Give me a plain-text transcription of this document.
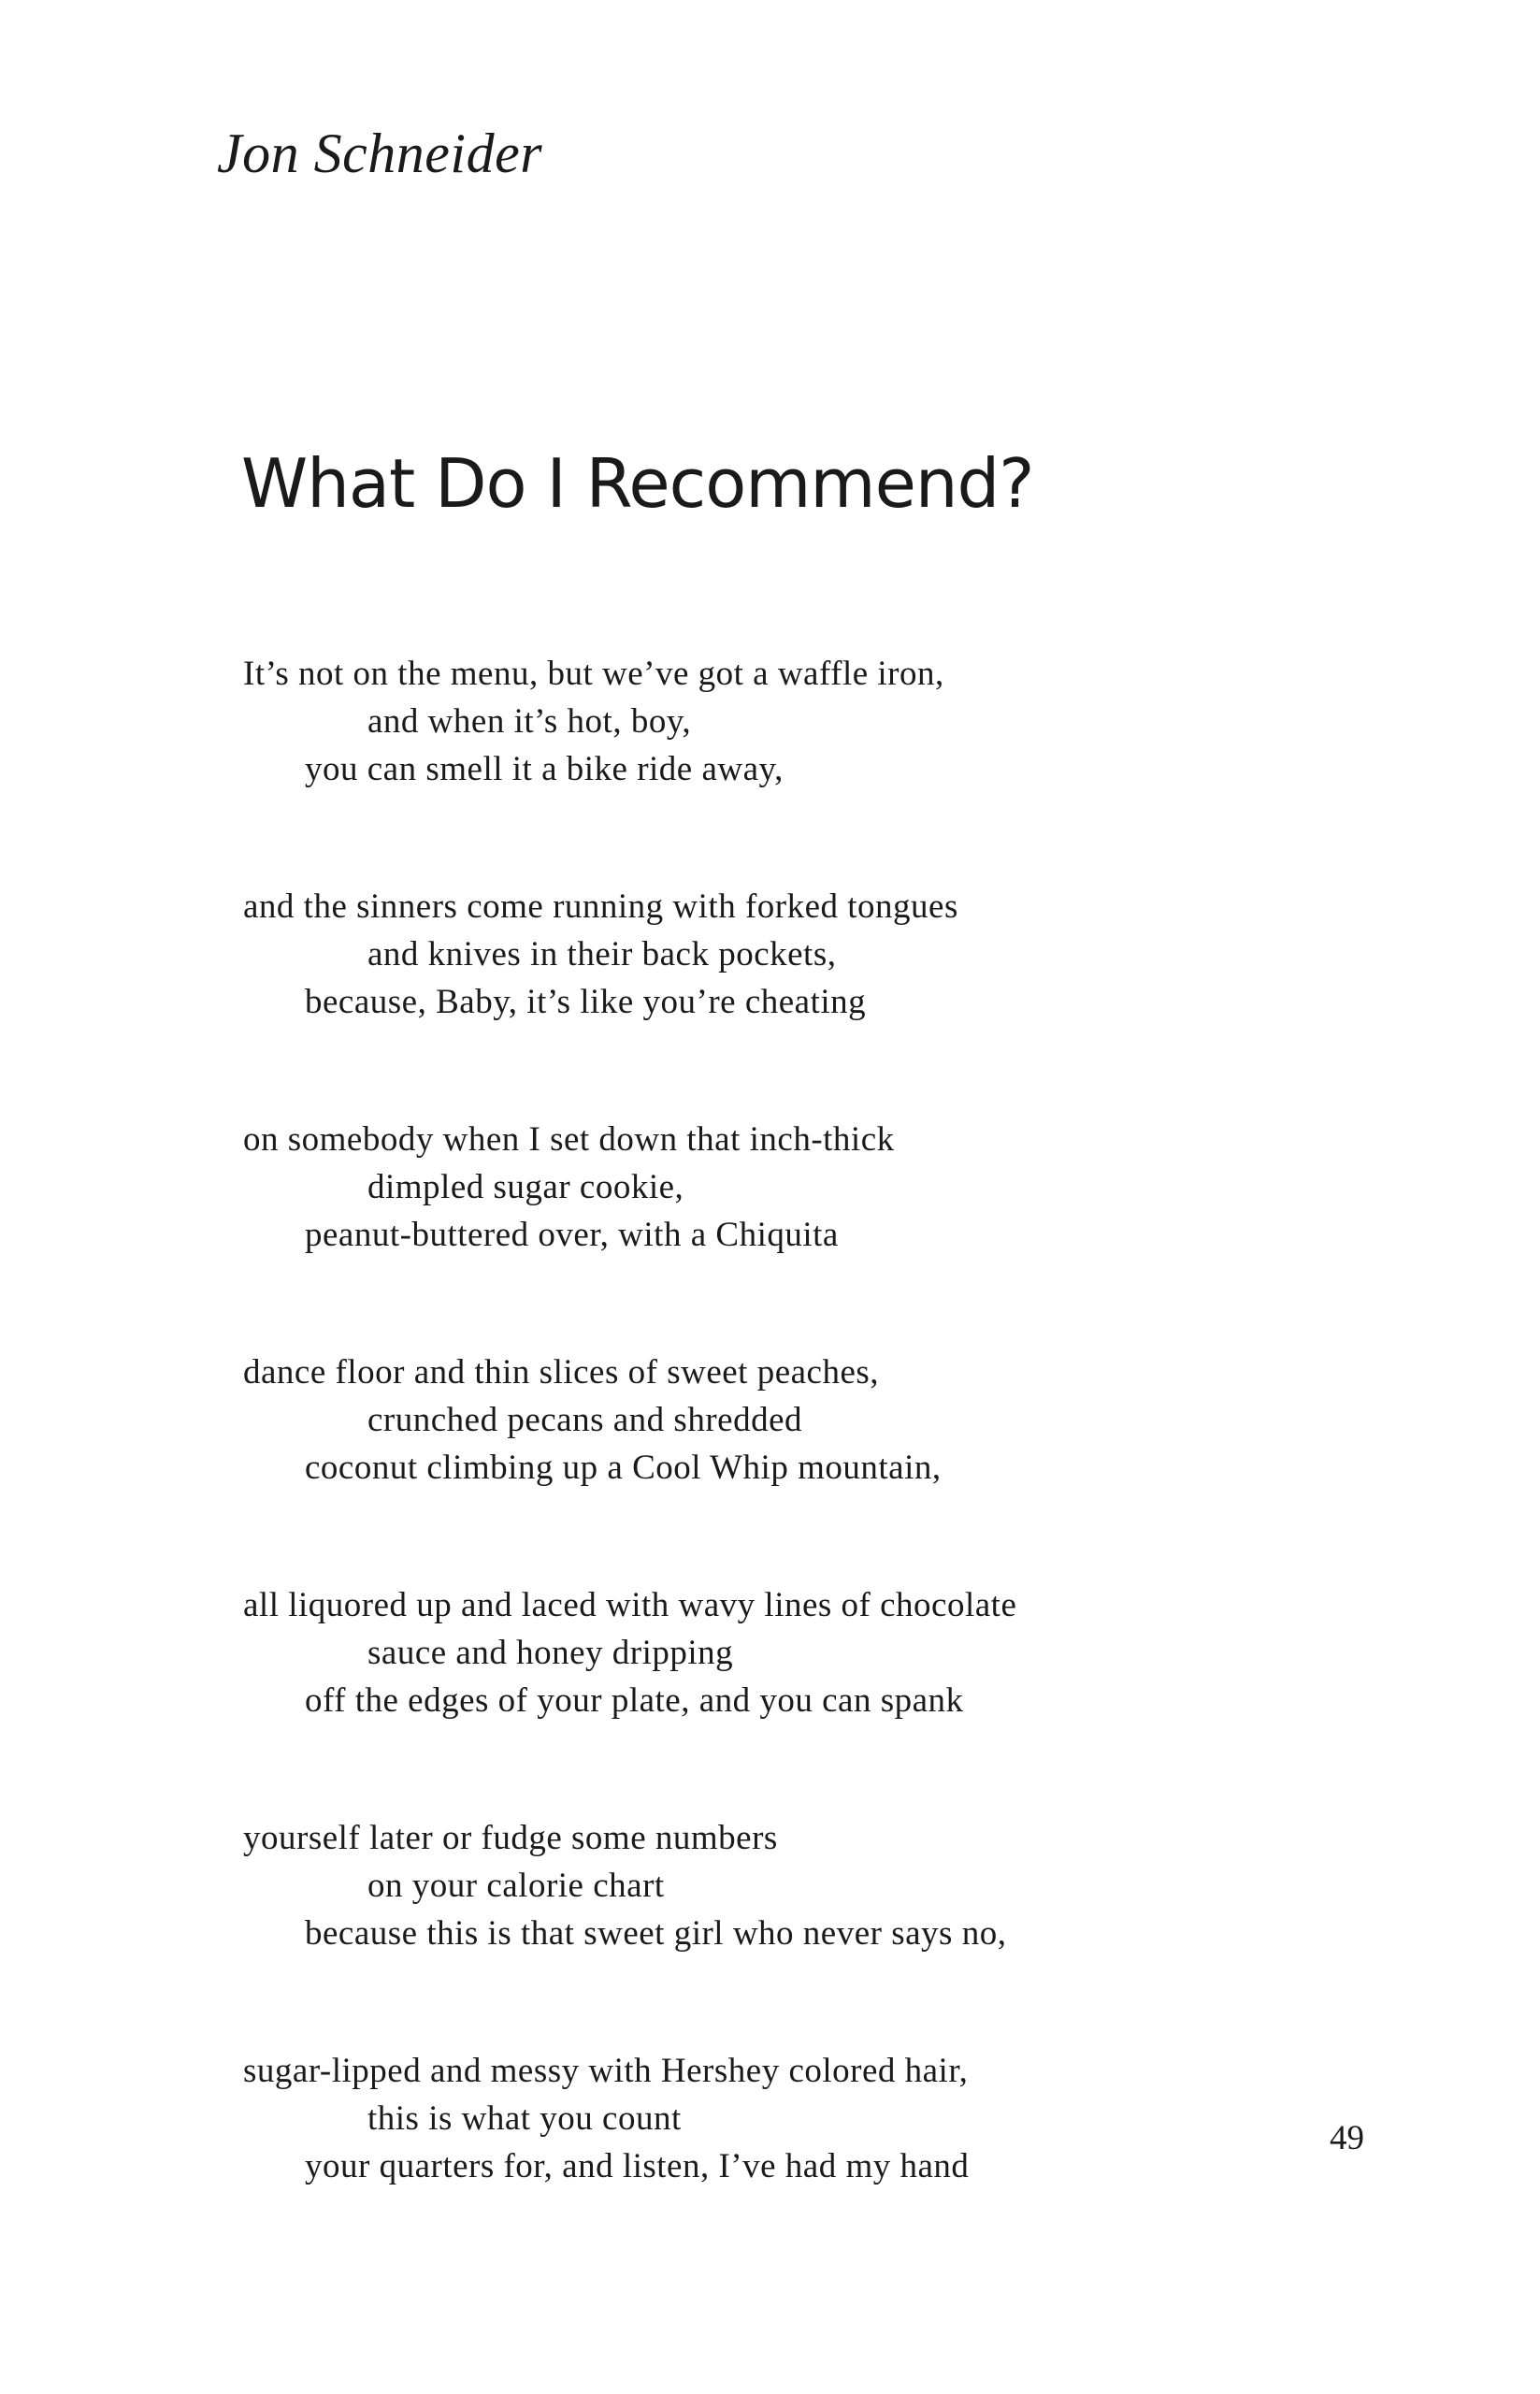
Jon Schneider
What Do I Recommend?
It’s not on the menu, but we’ve got a waffle iron,
and when it’s hot, boy,
you can smell it a bike ride away,
and the sinners come running with forked tongues
and knives in their back pockets,
because, Baby, it’s like you’re cheating
on somebody when I set down that inch-thick
dimpled sugar cookie,
peanut-buttered over, with a Chiquita
dance floor and thin slices of sweet peaches,
crunched pecans and shredded
coconut climbing up a Cool Whip mountain,
all liquored up and laced with wavy lines of chocolate
sauce and honey dripping
off the edges of your plate, and you can spank
yourself later or fudge some numbers
on your calorie chart
because this is that sweet girl who never says no,
sugar-lipped and messy with Hershey colored hair,
this is what you count
your quarters for, and listen, I’ve had my hand
49
